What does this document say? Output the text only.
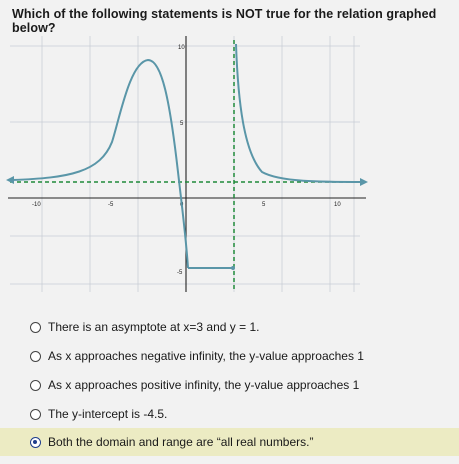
Which of the following statements is NOT true for the relation graphed below?
10
5
-5
-10	-5	0	5	10
There is an asymptote at x=3 and y = 1.
As x approaches negative infinity, the y-value approaches 1
As x approaches positive infinity, the y-value approaches 1
The y-intercept is -4.5.
Both the domain and range are “all real numbers.”
